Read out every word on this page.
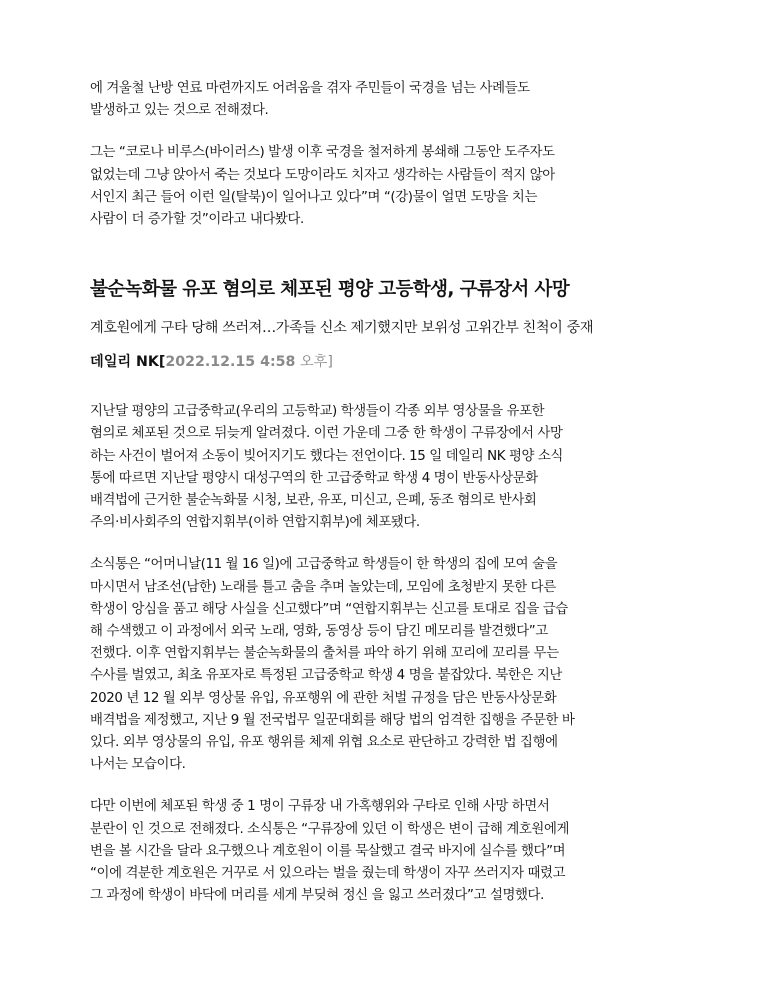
에 겨울철 난방 연료 마련까지도 어려움을 겪자 주민들이 국경을 넘는 사례들도
발생하고 있는 것으로 전해졌다.

그는 “코로나 비루스(바이러스) 발생 이후 국경을 철저하게 봉쇄해 그동안 도주자도
없었는데 그냥 앉아서 죽는 것보다 도망이라도 치자고 생각하는 사람들이 적지 않아
서인지 최근 들어 이런 일(탈북)이 일어나고 있다”며 “(강)물이 얼면 도망을 치는
사람이 더 증가할 것”이라고 내다봤다.

불순녹화물 유포 혐의로 체포된 평양 고등학생, 구류장서 사망
계호원에게 구타 당해 쓰러져…가족들 신소 제기했지만 보위성 고위간부 친척이 중재
데일리 NK[2022.12.15 4:58 오후]

지난달 평양의 고급중학교(우리의 고등학교) 학생들이 각종 외부 영상물을 유포한
혐의로 체포된 것으로 뒤늦게 알려졌다. 이런 가운데 그중 한 학생이 구류장에서 사망
하는 사건이 벌어져 소동이 빚어지기도 했다는 전언이다. 15 일 데일리 NK 평양 소식
통에 따르면 지난달 평양시 대성구역의 한 고급중학교 학생 4 명이 반동사상문화
배격법에 근거한 불순녹화물 시청, 보관, 유포, 미신고, 은폐, 동조 혐의로 반사회
주의·비사회주의 연합지휘부(이하 연합지휘부)에 체포됐다.

소식통은 “어머니날(11 월 16 일)에 고급중학교 학생들이 한 학생의 집에 모여 술을
마시면서 남조선(남한) 노래를 틀고 춤을 추며 놀았는데, 모임에 초청받지 못한 다른
학생이 앙심을 품고 해당 사실을 신고했다”며 “연합지휘부는 신고를 토대로 집을 급습
해 수색했고 이 과정에서 외국 노래, 영화, 동영상 등이 담긴 메모리를 발견했다”고
전했다. 이후 연합지휘부는 불순녹화물의 출처를 파악 하기 위해 꼬리에 꼬리를 무는
수사를 벌였고, 최초 유포자로 특정된 고급중학교 학생 4 명을 붙잡았다. 북한은 지난
2020 년 12 월 외부 영상물 유입, 유포행위 에 관한 처벌 규정을 담은 반동사상문화
배격법을 제정했고, 지난 9 월 전국법무 일꾼대회를 해당 법의 엄격한 집행을 주문한 바
있다. 외부 영상물의 유입, 유포 행위를 체제 위협 요소로 판단하고 강력한 법 집행에
나서는 모습이다.

다만 이번에 체포된 학생 중 1 명이 구류장 내 가혹행위와 구타로 인해 사망 하면서
분란이 인 것으로 전해졌다. 소식통은 “구류장에 있던 이 학생은 변이 급해 계호원에게
변을 볼 시간을 달라 요구했으나 계호원이 이를 묵살했고 결국 바지에 실수를 했다”며
“이에 격분한 계호원은 거꾸로 서 있으라는 벌을 줬는데 학생이 자꾸 쓰러지자 때렸고
그 과정에 학생이 바닥에 머리를 세게 부딪혀 정신 을 잃고 쓰러졌다”고 설명했다.
